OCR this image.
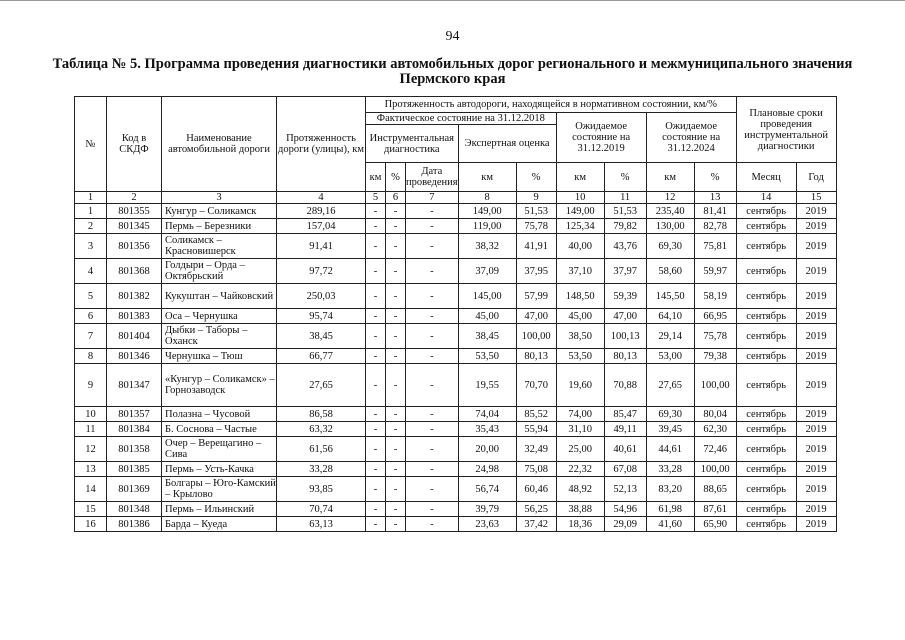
94
Таблица № 5. Программа проведения диагностики автомобильных дорог регионального и межмуниципального значения Пермского края
№	Код в СКДФ	Наименование автомобильной дороги	Протяженность дороги (улицы), км	Протяженность автодороги, находящейся в нормативном состоянии, км/%									Плановые сроки проведения инструментальной диагностики	
				Фактическое состояние на 31.12.2018					Ожидаемое состояние на 31.12.2019		Ожидаемое состояние на 31.12.2024			
				Инструментальная диагностика			Экспертная оценка							
				км	%	Дата проведения	км	%	км	%	км	%	Месяц	Год
1	2	3	4	5	6	7	8	9	10	11	12	13	14	15
1	801355	Кунгур – Соликамск	289,16	-	-	-	149,00	51,53	149,00	51,53	235,40	81,41	сентябрь	2019
2	801345	Пермь – Березники	157,04	-	-	-	119,00	75,78	125,34	79,82	130,00	82,78	сентябрь	2019
3	801356	Соликамск – Красновишерск	91,41	-	-	-	38,32	41,91	40,00	43,76	69,30	75,81	сентябрь	2019
4	801368	Голдыри – Орда – Октябрьский	97,72	-	-	-	37,09	37,95	37,10	37,97	58,60	59,97	сентябрь	2019
5	801382	Кукуштан – Чайковский	250,03	-	-	-	145,00	57,99	148,50	59,39	145,50	58,19	сентябрь	2019
6	801383	Оса – Чернушка	95,74	-	-	-	45,00	47,00	45,00	47,00	64,10	66,95	сентябрь	2019
7	801404	Дыбки – Таборы – Оханск	38,45	-	-	-	38,45	100,00	38,50	100,13	29,14	75,78	сентябрь	2019
8	801346	Чернушка – Тюш	66,77	-	-	-	53,50	80,13	53,50	80,13	53,00	79,38	сентябрь	2019
9	801347	«Кунгур – Соликамск» – Горнозаводск	27,65	-	-	-	19,55	70,70	19,60	70,88	27,65	100,00	сентябрь	2019
10	801357	Полазна – Чусовой	86,58	-	-	-	74,04	85,52	74,00	85,47	69,30	80,04	сентябрь	2019
11	801384	Б. Соснова – Частые	63,32	-	-	-	35,43	55,94	31,10	49,11	39,45	62,30	сентябрь	2019
12	801358	Очер – Верещагино – Сива	61,56	-	-	-	20,00	32,49	25,00	40,61	44,61	72,46	сентябрь	2019
13	801385	Пермь – Усть-Качка	33,28	-	-	-	24,98	75,08	22,32	67,08	33,28	100,00	сентябрь	2019
14	801369	Болгары – Юго-Камский – Крылово	93,85	-	-	-	56,74	60,46	48,92	52,13	83,20	88,65	сентябрь	2019
15	801348	Пермь – Ильинский	70,74	-	-	-	39,79	56,25	38,88	54,96	61,98	87,61	сентябрь	2019
16	801386	Барда – Куеда	63,13	-	-	-	23,63	37,42	18,36	29,09	41,60	65,90	сентябрь	2019
